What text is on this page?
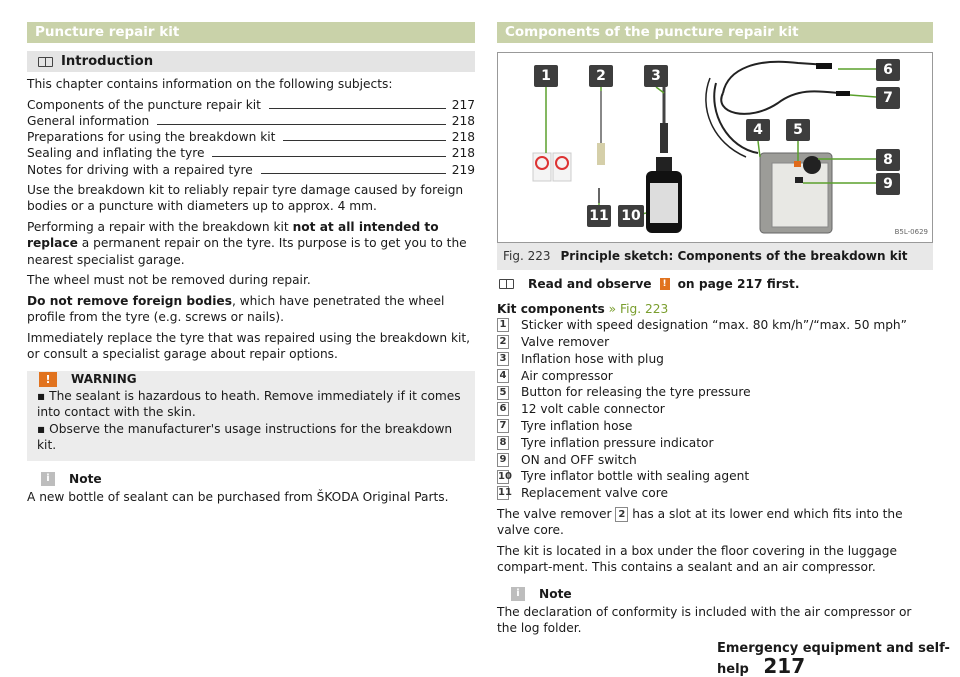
Puncture repair kit
Introduction

This chapter contains information on the following subjects:

Components of the puncture repair kit	217
General information	218
Preparations for using the breakdown kit	218
Sealing and inflating the tyre	218
Notes for driving with a repaired tyre	219

Use the breakdown kit to reliably repair tyre damage caused by foreign bodies or a puncture with diameters up to approx. 4 mm.

Performing a repair with the breakdown kit not at all intended to replace a permanent repair on the tyre. Its purpose is to get you to the nearest specialist garage.

The wheel must not be removed during repair.

Do not remove foreign bodies, which have penetrated the wheel profile from the tyre (e.g. screws or nails).

Immediately replace the tyre that was repaired using the breakdown kit, or consult a specialist garage about repair options.

!	WARNING
▪ The sealant is hazardous to heath. Remove immediately if it comes into contact with the skin.
▪ Observe the manufacturer's usage instructions for the breakdown kit.
i	Note

A new bottle of sealant can be purchased from ŠKODA Original Parts.

Components of the puncture repair kit
1	2	3
4	5
6
7
8
9
10
11
B5L-0629
Fig. 223 Principle sketch: Components of the breakdown kit
Read and observe	! on page 217 first.
Kit components » Fig. 223
1 Sticker with speed designation “max. 80 km/h”/“max. 50 mph”
2 Valve remover
3 Inflation hose with plug
4 Air compressor
5 Button for releasing the tyre pressure
6 12 volt cable connector
7 Tyre inflation hose
8 Tyre inflation pressure indicator
9 ON and OFF switch
10 Tyre inflator bottle with sealing agent
11 Replacement valve core

The valve remover 2 has a slot at its lower end which fits into the valve core.

The kit is located in a box under the floor covering in the luggage compart-ment. This contains a sealant and an air compressor.

i	Note

The declaration of conformity is included with the air compressor or the log folder.

Emergency equipment and self-help 217
